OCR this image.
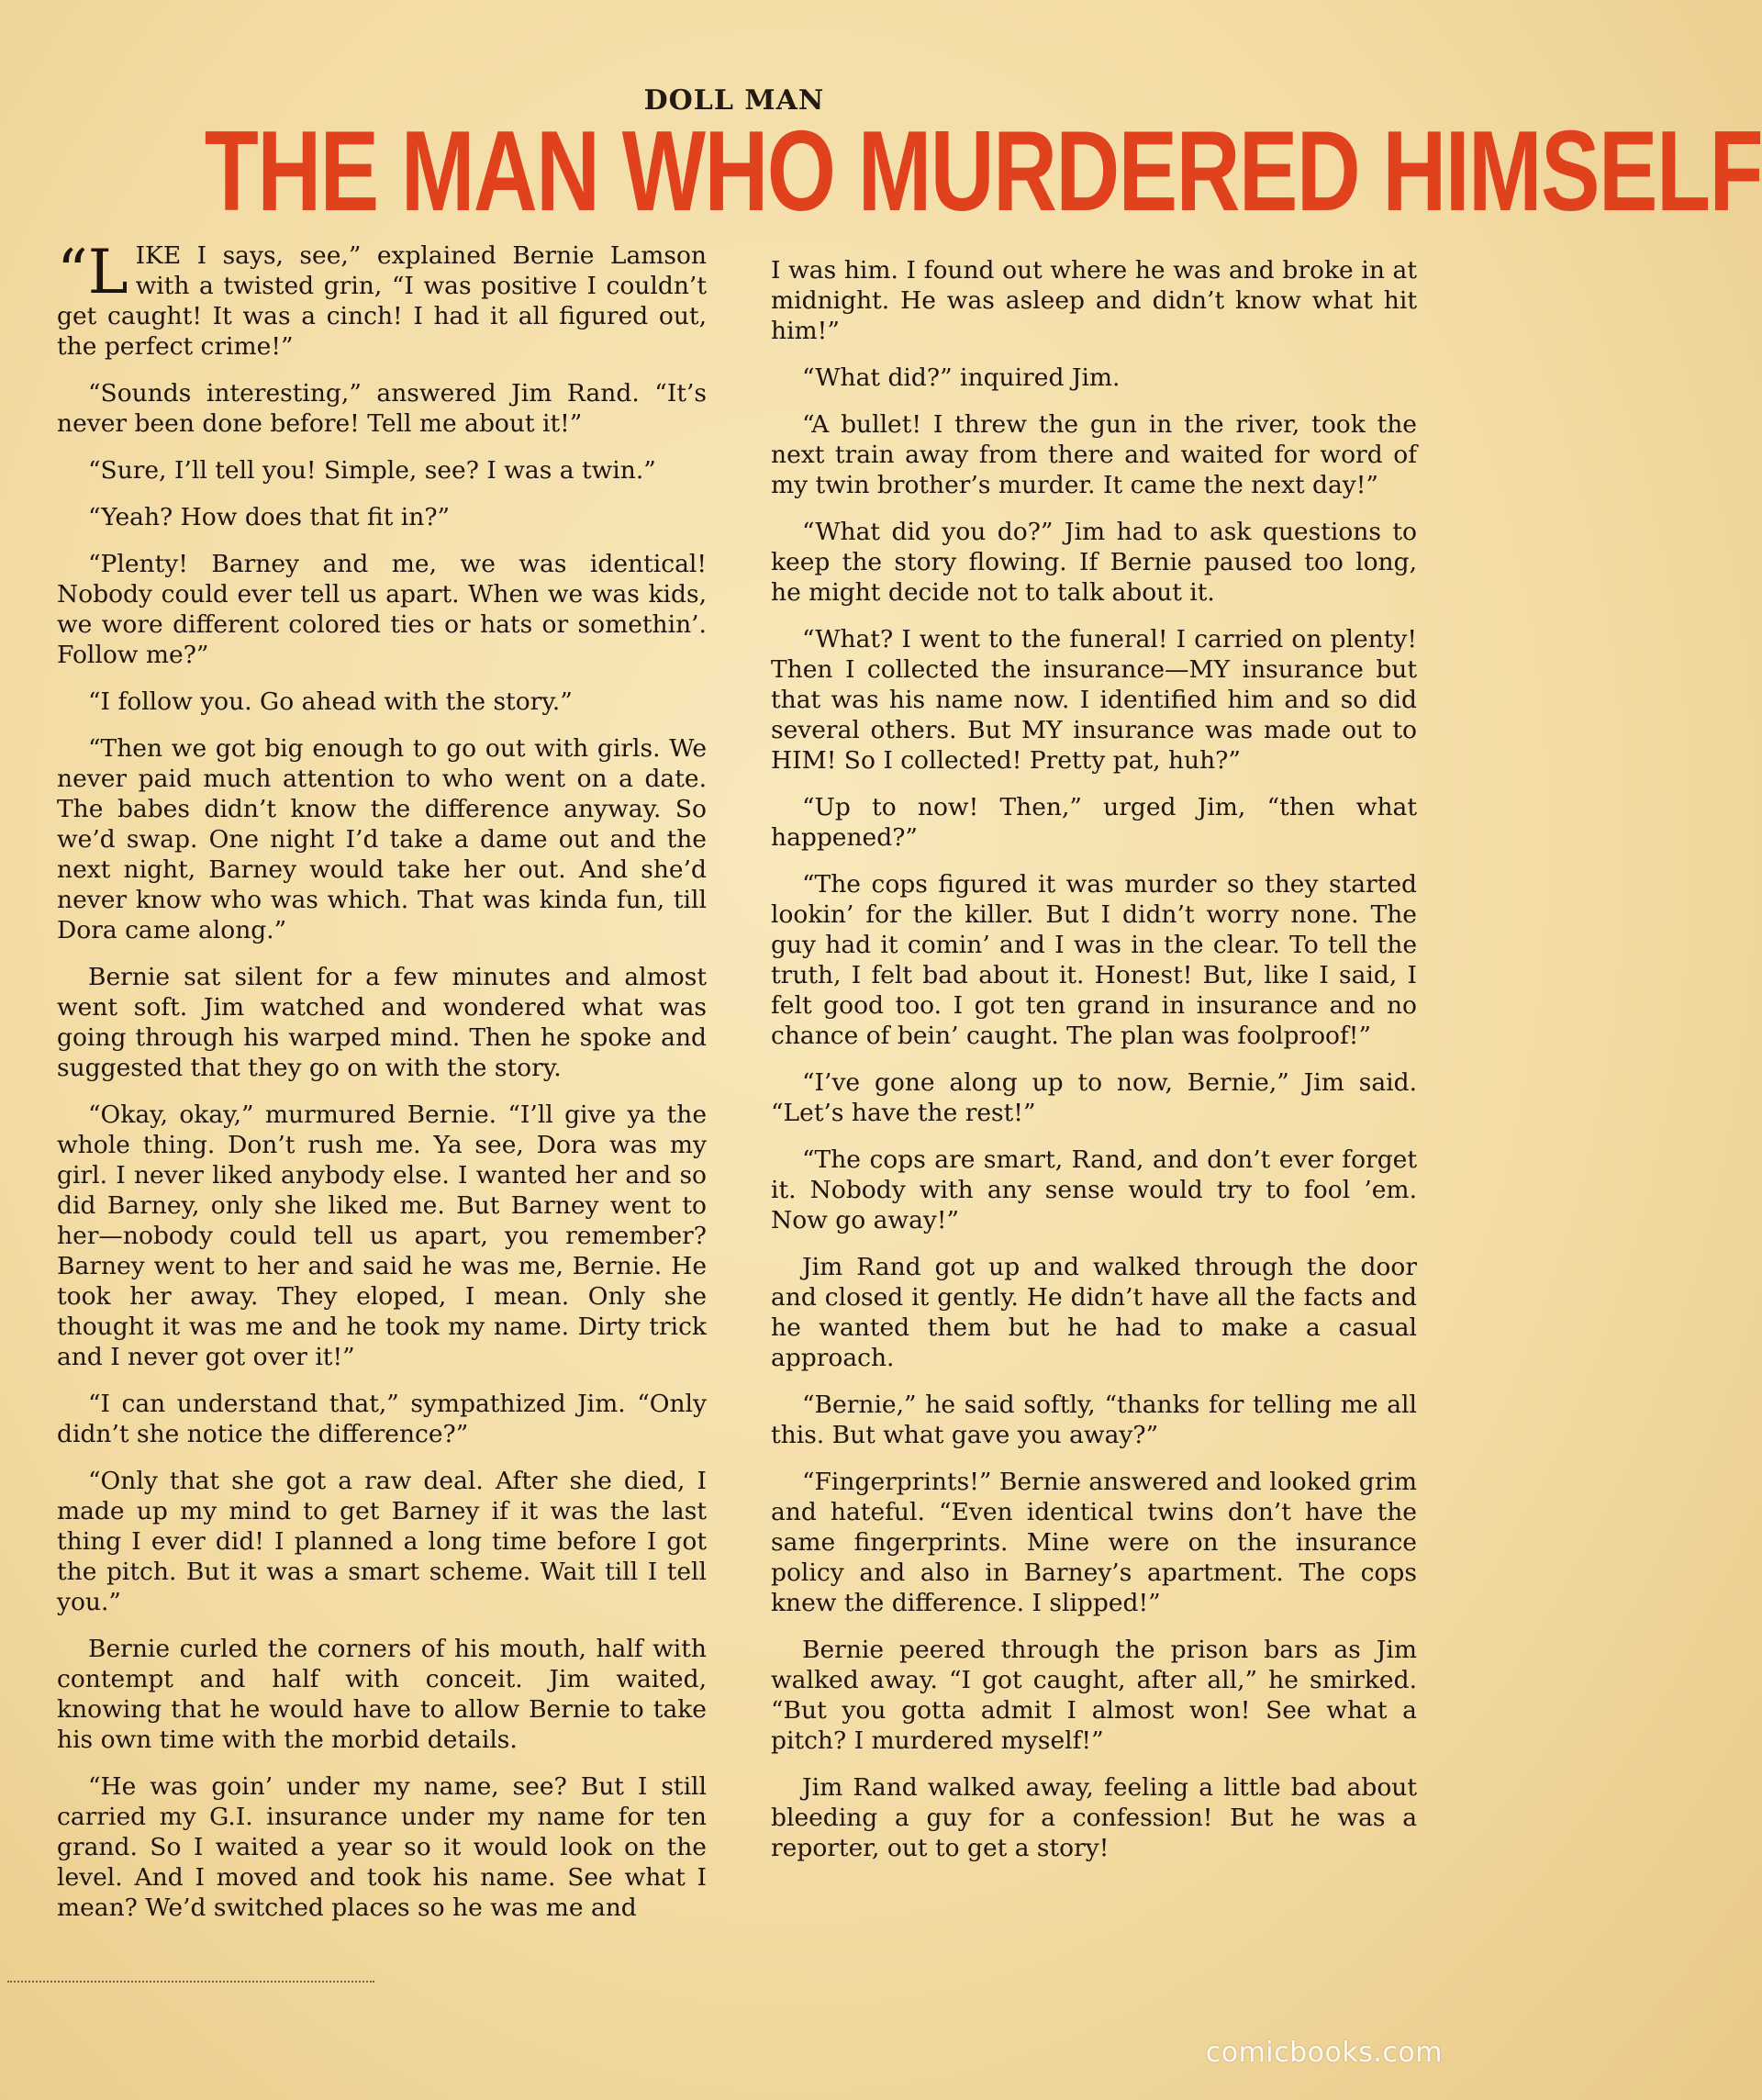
DOLL MAN
THE MAN WHO MURDERED HIMSELF

“LIKE I says, see,” explained Bernie Lamson with a twisted grin, “I was positive I couldn’t get caught! It was a cinch! I had it all figured out, the perfect crime!”

“Sounds interesting,” answered Jim Rand. “It’s never been done before! Tell me about it!”

“Sure, I’ll tell you! Simple, see? I was a twin.”

“Yeah? How does that fit in?”

“Plenty! Barney and me, we was identical! Nobody could ever tell us apart. When we was kids, we wore different colored ties or hats or somethin’. Follow me?”

“I follow you. Go ahead with the story.”

“Then we got big enough to go out with girls. We never paid much attention to who went on a date. The babes didn’t know the difference anyway. So we’d swap. One night I’d take a dame out and the next night, Barney would take her out. And she’d never know who was which. That was kinda fun, till Dora came along.”

Bernie sat silent for a few minutes and almost went soft. Jim watched and wondered what was going through his warped mind. Then he spoke and suggested that they go on with the story.

“Okay, okay,” murmured Bernie. “I’ll give ya the whole thing. Don’t rush me. Ya see, Dora was my girl. I never liked anybody else. I wanted her and so did Barney, only she liked me. But Barney went to her—nobody could tell us apart, you remember? Barney went to her and said he was me, Bernie. He took her away. They eloped, I mean. Only she thought it was me and he took my name. Dirty trick and I never got over it!”

“I can understand that,” sympathized Jim. “Only didn’t she notice the difference?”

“Only that she got a raw deal. After she died, I made up my mind to get Barney if it was the last thing I ever did! I planned a long time before I got the pitch. But it was a smart scheme. Wait till I tell you.”

Bernie curled the corners of his mouth, half with contempt and half with conceit. Jim waited, knowing that he would have to allow Bernie to take his own time with the morbid details.

“He was goin’ under my name, see? But I still carried my G.I. insurance under my name for ten grand. So I waited a year so it would look on the level. And I moved and took his name. See what I mean? We’d switched places so he was me and

I was him. I found out where he was and broke in at midnight. He was asleep and didn’t know what hit him!”

“What did?” inquired Jim.

“A bullet! I threw the gun in the river, took the next train away from there and waited for word of my twin brother’s murder. It came the next day!”

“What did you do?” Jim had to ask questions to keep the story flowing. If Bernie paused too long, he might decide not to talk about it.

“What? I went to the funeral! I carried on plenty! Then I collected the insurance—MY insurance but that was his name now. I identified him and so did several others. But MY insurance was made out to HIM! So I collected! Pretty pat, huh?”

“Up to now! Then,” urged Jim, “then what happened?”

“The cops figured it was murder so they started lookin’ for the killer. But I didn’t worry none. The guy had it comin’ and I was in the clear. To tell the truth, I felt bad about it. Honest! But, like I said, I felt good too. I got ten grand in insurance and no chance of bein’ caught. The plan was foolproof!”

“I’ve gone along up to now, Bernie,” Jim said. “Let’s have the rest!”

“The cops are smart, Rand, and don’t ever forget it. Nobody with any sense would try to fool ’em. Now go away!”

Jim Rand got up and walked through the door and closed it gently. He didn’t have all the facts and he wanted them but he had to make a casual approach.

“Bernie,” he said softly, “thanks for telling me all this. But what gave you away?”

“Fingerprints!” Bernie answered and looked grim and hateful. “Even identical twins don’t have the same fingerprints. Mine were on the insurance policy and also in Barney’s apartment. The cops knew the difference. I slipped!”

Bernie peered through the prison bars as Jim walked away. “I got caught, after all,” he smirked. “But you gotta admit I almost won! See what a pitch? I murdered myself!”

Jim Rand walked away, feeling a little bad about bleeding a guy for a confession! But he was a reporter, out to get a story!

comicbooks.com
